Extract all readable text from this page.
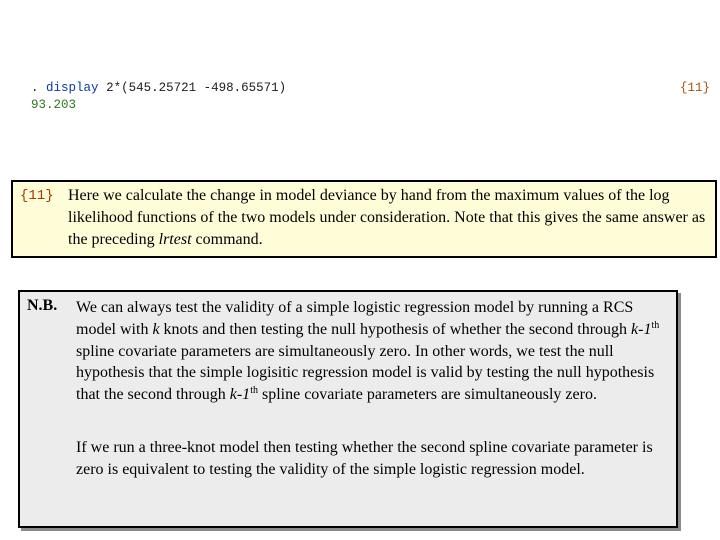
. display 2*(545.25721 -498.65571)
93.203
{11}
{11} Here we calculate the change in model deviance by hand from the maximum values of the log likelihood functions of the two models under consideration. Note that this gives the same answer as the preceding lrtest command.
N.B. We can always test the validity of a simple logistic regression model by running a RCS model with k knots and then testing the null hypothesis of whether the second through k-1th spline covariate parameters are simultaneously zero. In other words, we test the null hypothesis that the simple logisitic regression model is valid by testing the null hypothesis that the second through k-1th spline covariate parameters are simultaneously zero.
If we run a three-knot model then testing whether the second spline covariate parameter is zero is equivalent to testing the validity of the simple logistic regression model.
